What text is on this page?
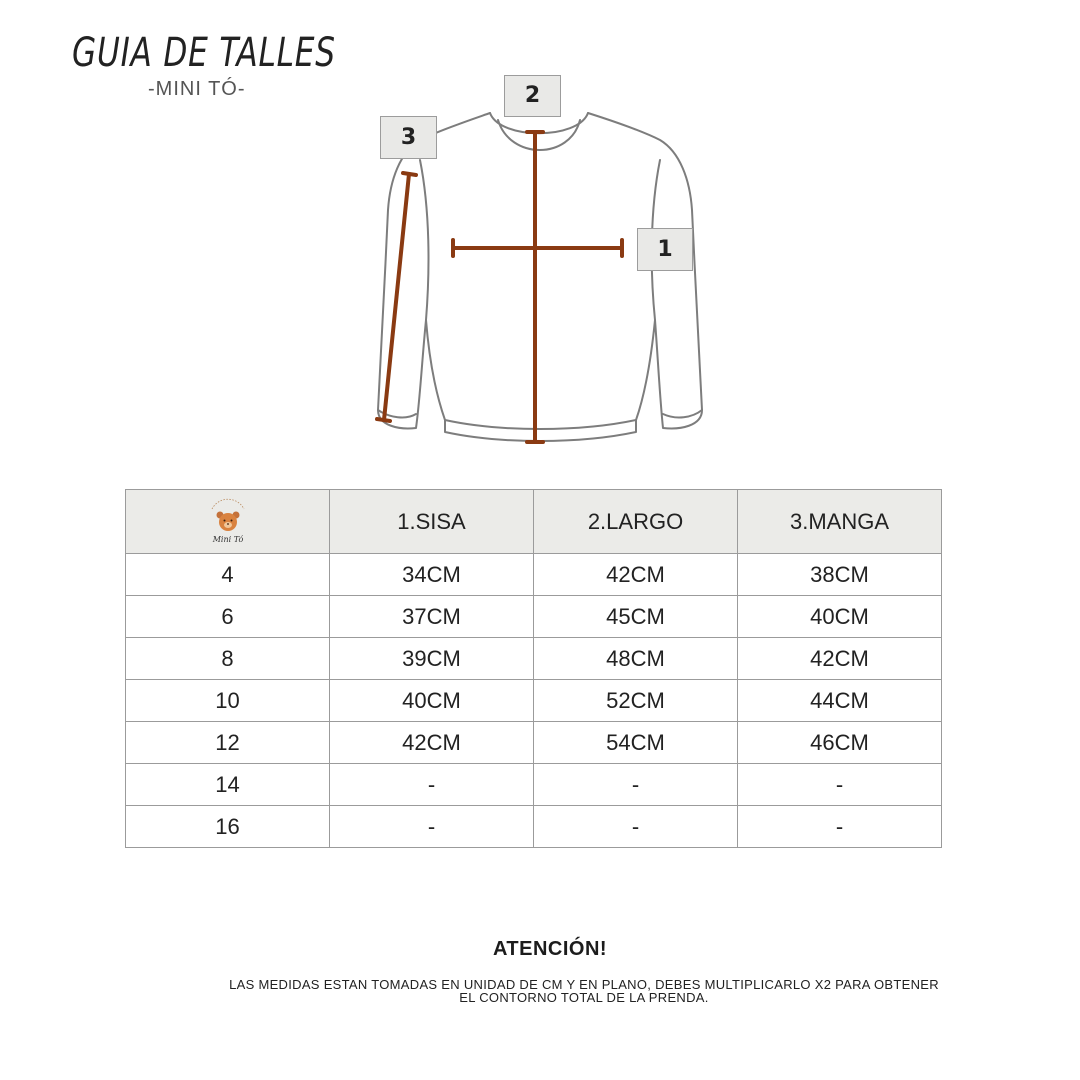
GUIA DE TALLES
-MINI TÓ-	2
3
1
Mini Tó	1.SISA	2.LARGO	3.MANGA
4	34CM	42CM	38CM
6	37CM	45CM	40CM
8	39CM	48CM	42CM
10	40CM	52CM	44CM
12	42CM	54CM	46CM
14	-	-	-
16	-	-	-
ATENCIÓN!
LAS MEDIDAS ESTAN TOMADAS EN UNIDAD DE CM Y EN PLANO, DEBES MULTIPLICARLO X2 PARA OBTENER EL CONTORNO TOTAL DE LA PRENDA.
